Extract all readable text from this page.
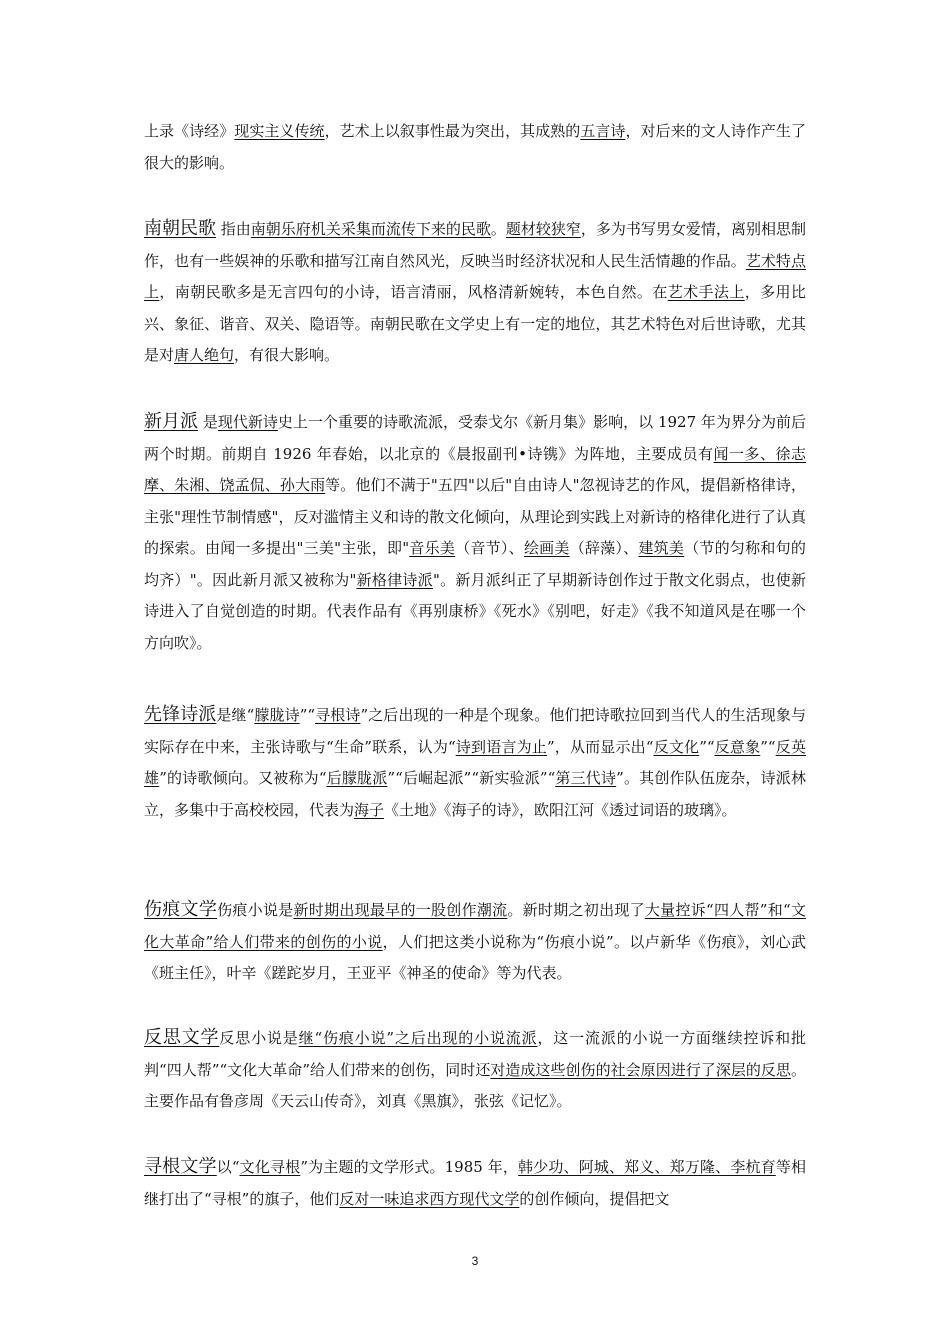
上录《诗经》现实主义传统，艺术上以叙事性最为突出，其成熟的五言诗，对后来的文人诗作产生了很大的影响。

南朝民歌 指由南朝乐府机关采集而流传下来的民歌。题材较狭窄，多为书写男女爱情，离别相思制作，也有一些娱神的乐歌和描写江南自然风光，反映当时经济状况和人民生活情趣的作品。艺术特点上，南朝民歌多是无言四句的小诗，语言清丽，风格清新婉转，本色自然。在艺术手法上，多用比兴、象征、谐音、双关、隐语等。南朝民歌在文学史上有一定的地位，其艺术特色对后世诗歌，尤其是对唐人绝句，有很大影响。

新月派 是现代新诗史上一个重要的诗歌流派，受泰戈尔《新月集》影响，以 1927 年为界分为前后两个时期。前期自 1926 年春始，以北京的《晨报副刊•诗镌》为阵地，主要成员有闻一多、徐志摩、朱湘、饶孟侃、孙大雨等。他们不满于"五四"以后"自由诗人"忽视诗艺的作风，提倡新格律诗，主张"理性节制情感"，反对滥情主义和诗的散文化倾向，从理论到实践上对新诗的格律化进行了认真的探索。由闻一多提出"三美"主张，即"音乐美（音节）、绘画美（辞藻）、建筑美（节的匀称和句的均齐）"。因此新月派又被称为"新格律诗派"。新月派纠正了早期新诗创作过于散文化弱点，也使新诗进入了自觉创造的时期。代表作品有《再别康桥》《死水》《别吧，好走》《我不知道风是在哪一个方向吹》。

先锋诗派是继“朦胧诗”“寻根诗”之后出现的一种是个现象。他们把诗歌拉回到当代人的生活现象与实际存在中来，主张诗歌与“生命”联系，认为“诗到语言为止”，从而显示出“反文化”“反意象”“反英雄”的诗歌倾向。又被称为“后朦胧派”“后崛起派”“新实验派”“第三代诗”。其创作队伍庞杂，诗派林立，多集中于高校校园，代表为海子《土地》《海子的诗》，欧阳江河《透过词语的玻璃》。

伤痕文学伤痕小说是新时期出现最早的一股创作潮流。新时期之初出现了大量控诉“四人帮”和“文化大革命”给人们带来的创伤的小说，人们把这类小说称为“伤痕小说”。以卢新华《伤痕》，刘心武《班主任》，叶辛《蹉跎岁月，王亚平《神圣的使命》等为代表。

反思文学反思小说是继“伤痕小说”之后出现的小说流派，这一流派的小说一方面继续控诉和批判“四人帮”“文化大革命”给人们带来的创伤，同时还对造成这些创伤的社会原因进行了深层的反思。主要作品有鲁彦周《天云山传奇》，刘真《黑旗》，张弦《记忆》。

寻根文学以“文化寻根”为主题的文学形式。1985 年，韩少功、阿城、郑义、郑万隆、李杭育等相继打出了“寻根”的旗子，他们反对一味追求西方现代文学的创作倾向，提倡把文

3
